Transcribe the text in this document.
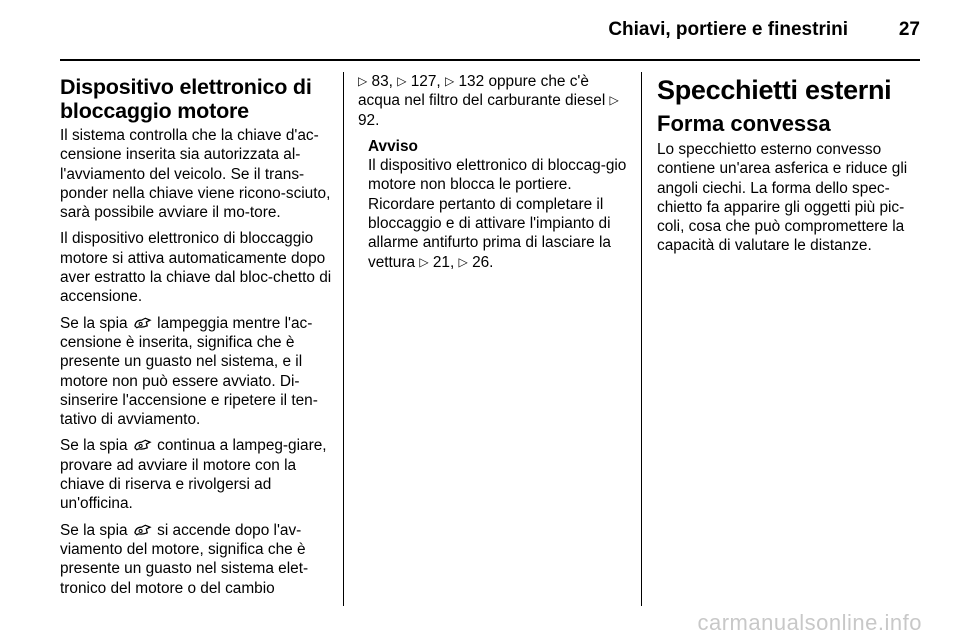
Chiavi, portiere e finestrini	27
Dispositivo elettronico di bloccaggio motore

Il sistema controlla che la chiave d'ac-censione inserita sia autorizzata al-l'avviamento del veicolo. Se il trans-ponder nella chiave viene ricono-sciuto, sarà possibile avviare il mo-tore.

Il dispositivo elettronico di bloccaggio motore si attiva automaticamente dopo aver estratto la chiave dal bloc-chetto di accensione.

Se la spia lampeggia mentre l'ac-censione è inserita, significa che è presente un guasto nel sistema, e il motore non può essere avviato. Di-sinserire l'accensione e ripetere il ten-tativo di avviamento.

Se la spia continua a lampeg-giare, provare ad avviare il motore con la chiave di riserva e rivolgersi ad un'officina.

Se la spia si accende dopo l'av-viamento del motore, significa che è presente un guasto nel sistema elet-tronico del motore o del cambio

▷ 83, ▷ 127, ▷ 132 oppure che c'è acqua nel filtro del carburante diesel ▷ 92.

Avviso

Il dispositivo elettronico di bloccag-gio motore non blocca le portiere. Ricordare pertanto di completare il bloccaggio e di attivare l'impianto di allarme antifurto prima di lasciare la vettura ▷ 21, ▷ 26.

Specchietti esterni
Forma convessa

Lo specchietto esterno convesso contiene un'area asferica e riduce gli angoli ciechi. La forma dello spec-chietto fa apparire gli oggetti più pic-coli, cosa che può compromettere la capacità di valutare le distanze.

carmanualsonline.info
